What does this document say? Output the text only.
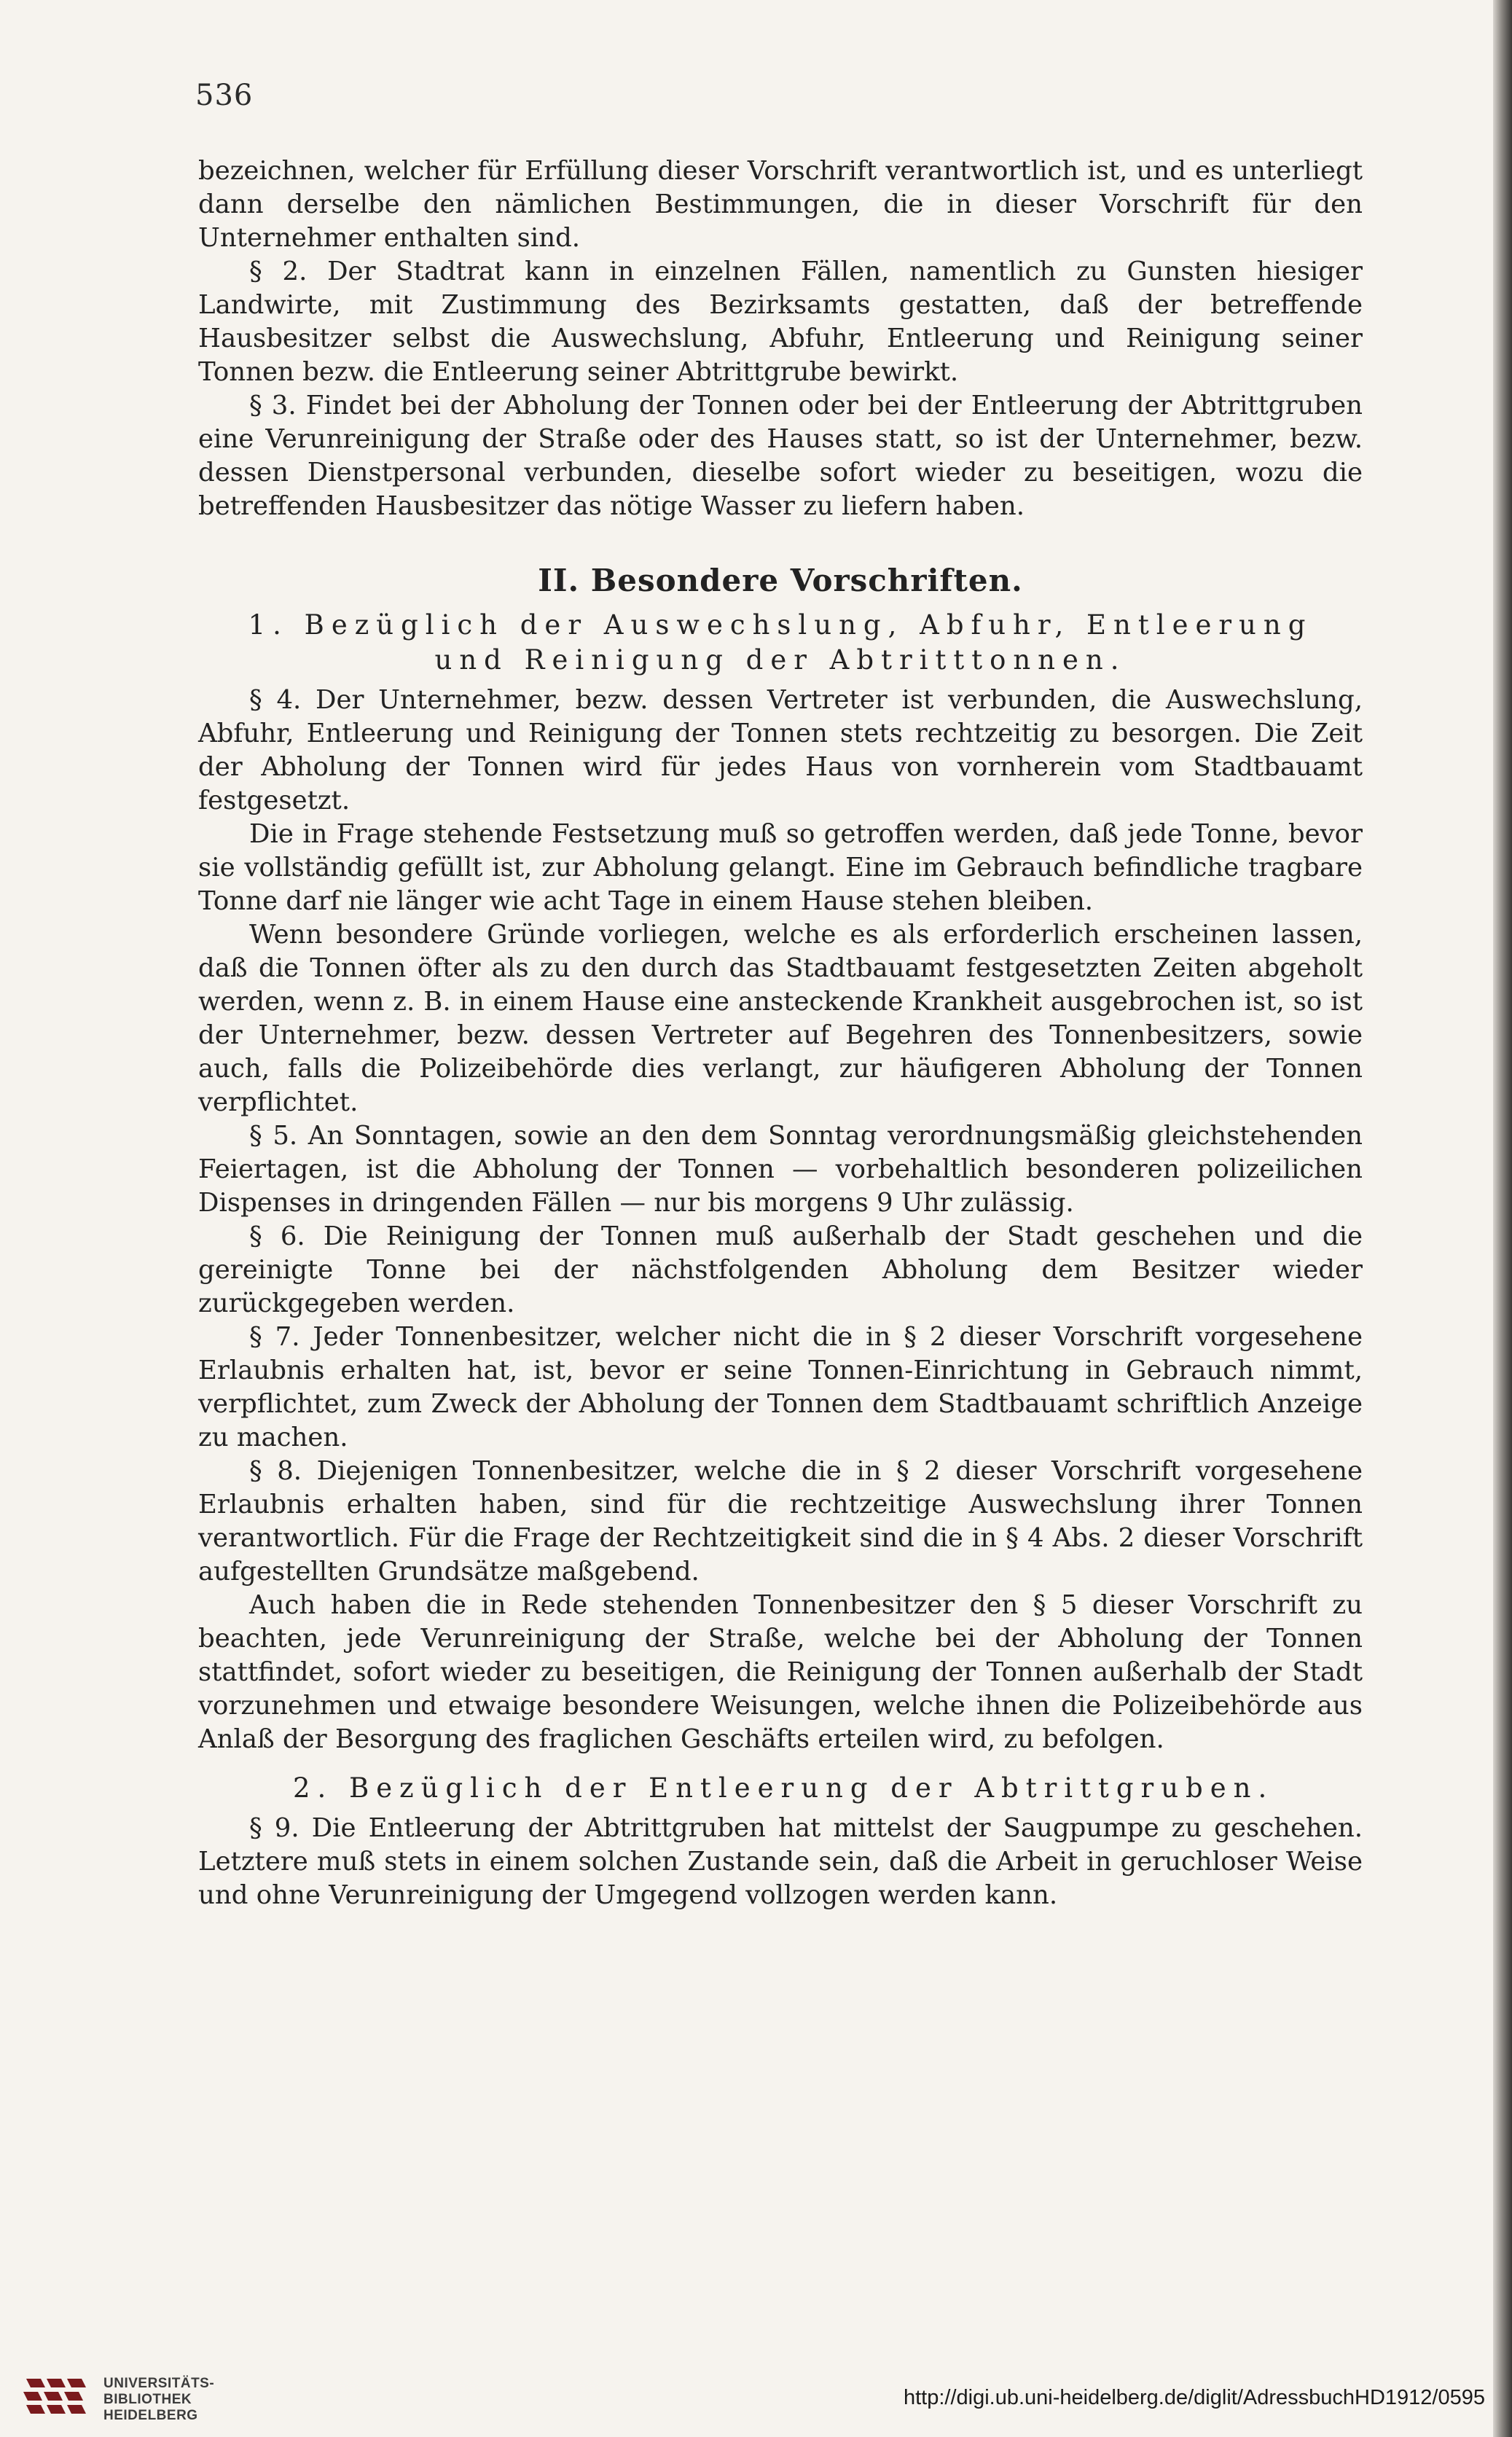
536

bezeichnen, welcher für Erfüllung dieser Vorschrift verantwortlich ist, und es unterliegt dann derselbe den nämlichen Bestimmungen, die in dieser Vorschrift für den Unternehmer enthalten sind.

§ 2. Der Stadtrat kann in einzelnen Fällen, namentlich zu Gunsten hiesiger Landwirte, mit Zustimmung des Bezirksamts gestatten, daß der betreffende Hausbesitzer selbst die Auswechslung, Abfuhr, Entleerung und Reinigung seiner Tonnen bezw. die Entleerung seiner Abtrittgrube bewirkt.

§ 3. Findet bei der Abholung der Tonnen oder bei der Entleerung der Abtrittgruben eine Verunreinigung der Straße oder des Hauses statt, so ist der Unternehmer, bezw. dessen Dienstpersonal verbunden, dieselbe sofort wieder zu beseitigen, wozu die betreffenden Hausbesitzer das nötige Wasser zu liefern haben.

II. Besondere Vorschriften.

1. Bezüglich der Auswechslung, Abfuhr, Entleerung

und Reinigung der Abtritttonnen.

§ 4. Der Unternehmer, bezw. dessen Vertreter ist verbunden, die Auswechslung, Abfuhr, Entleerung und Reinigung der Tonnen stets rechtzeitig zu besorgen. Die Zeit der Abholung der Tonnen wird für jedes Haus von vornherein vom Stadtbauamt festgesetzt.

Die in Frage stehende Festsetzung muß so getroffen werden, daß jede Tonne, bevor sie vollständig gefüllt ist, zur Abholung gelangt. Eine im Gebrauch befindliche tragbare Tonne darf nie länger wie acht Tage in einem Hause stehen bleiben.

Wenn besondere Gründe vorliegen, welche es als erforderlich erscheinen lassen, daß die Tonnen öfter als zu den durch das Stadtbauamt festgesetzten Zeiten abgeholt werden, wenn z. B. in einem Hause eine ansteckende Krankheit ausgebrochen ist, so ist der Unternehmer, bezw. dessen Vertreter auf Begehren des Tonnenbesitzers, sowie auch, falls die Polizeibehörde dies verlangt, zur häufigeren Abholung der Tonnen verpflichtet.

§ 5. An Sonntagen, sowie an den dem Sonntag verordnungsmäßig gleichstehenden Feiertagen, ist die Abholung der Tonnen — vorbehaltlich besonderen polizeilichen Dispenses in dringenden Fällen — nur bis morgens 9 Uhr zulässig.

§ 6. Die Reinigung der Tonnen muß außerhalb der Stadt geschehen und die gereinigte Tonne bei der nächstfolgenden Abholung dem Besitzer wieder zurückgegeben werden.

§ 7. Jeder Tonnenbesitzer, welcher nicht die in § 2 dieser Vorschrift vorgesehene Erlaubnis erhalten hat, ist, bevor er seine Tonnen-Einrichtung in Gebrauch nimmt, verpflichtet, zum Zweck der Abholung der Tonnen dem Stadtbauamt schriftlich Anzeige zu machen.

§ 8. Diejenigen Tonnenbesitzer, welche die in § 2 dieser Vorschrift vorgesehene Erlaubnis erhalten haben, sind für die rechtzeitige Auswechslung ihrer Tonnen verantwortlich. Für die Frage der Rechtzeitigkeit sind die in § 4 Abs. 2 dieser Vorschrift aufgestellten Grundsätze maßgebend.

Auch haben die in Rede stehenden Tonnenbesitzer den § 5 dieser Vorschrift zu beachten, jede Verunreinigung der Straße, welche bei der Abholung der Tonnen stattfindet, sofort wieder zu beseitigen, die Reinigung der Tonnen außerhalb der Stadt vorzunehmen und etwaige besondere Weisungen, welche ihnen die Polizeibehörde aus Anlaß der Besorgung des fraglichen Geschäfts erteilen wird, zu befolgen.

2. Bezüglich der Entleerung der Abtrittgruben.

§ 9. Die Entleerung der Abtrittgruben hat mittelst der Saugpumpe zu geschehen. Letztere muß stets in einem solchen Zustande sein, daß die Arbeit in geruchloser Weise und ohne Verunreinigung der Umgegend vollzogen werden kann.

UNIVERSITÄTS-
BIBLIOTHEK
HEIDELBERG
http://digi.ub.uni-heidelberg.de/diglit/AdressbuchHD1912/0595
